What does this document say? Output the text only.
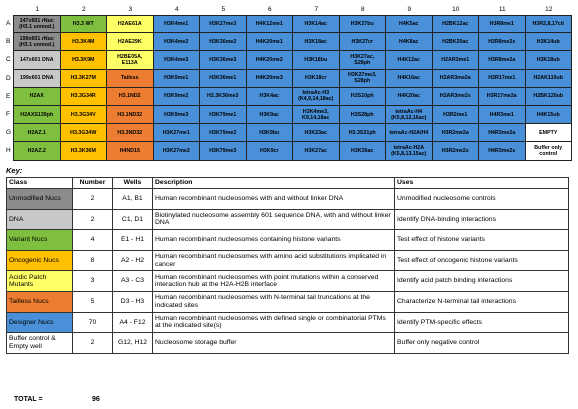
1	2	3	4	5	6	7	8	9	10	11	12
A	147x601 rNuc
(H3.1 unmod.)	H3.3 WT	H2AE61A	H3K4me1	H3K27me3	H4K12me1	H3K14ac	H3K27bu	H4K5ac	H2BK12ac	H3R8me1	H3R2,8,17cit
B	199x601 rNuc
(H3.1 unmod.)	H3.3K4M	H2AE29K	H3K4me2	H3K36me2	H4K20me1	H3K18ac	H3K27cr	H4K8ac	H2BK20ac	H3R8me2s	H3K14ub
C	147x601 DNA	H3.3K9M	H2BE05A,
E113A	H3K4me3	H3K36me3	H4K20me2	H3K18bu	H3K27ac,
S28ph	H4K12ac	H2AR3me1	H3R8me2a	H3K18ub
D	199x601 DNA	H3.3K27M	Tailess	H3K9me1	H3K36me1	H4K20me3	H3K18cr	H3K27me3,
S28ph	H4K16ac	H2AR3me2a	H3R17me1	H2AK119ub
E	H2AX	H3.3G34R	H3.1ND2	H3K9me2	H3.3K36me3	H3K4ac	tetraAc-H3
(K4,9,14,18ac)	H3S10ph	H4K20ac	H2AR3me2s	H3R17me2a	H2BK120ub
F	H2AXS139ph	H3.3G34V	H3.1ND32	H3K9me3	H3K79me1	H3K9ac	H3K4me3,
K9,14,18ac	H3S28ph	tetraAc-H4
(K5,8,12,16ac)	H3R2me1	H4R3me1	H4K15ub
G	H2AZ.1	H3.3G34W	H3.3ND32	H3K27me1	H3K79me2	H3K9bu	H3K23ac	H3.3S31ph	tetraAc-H2A/H4	H3R2me2a	H4R3me2a	EMPTY
H	H2AZ.2	H3.3K36M	H4ND15	H3K27me2	H3K79me3	H3K9cr	H3K27ac	H3K36ac	tetraAc-H2A
(K5,8,13,15ac)	H3R2me2s	H4R3me2s	Buffer only
control
Key:
Class	Number	Wells	Description	Uses
Unmodified Nucs	2	A1, B1	Human recombinant nucleosomes with and without linker DNA	Unmodified nucleosome controls
DNA	2	C1, D1	Biotinylated nucleosome assembly 601 sequence DNA, with and without linker DNA	Identify DNA-binding interactions
Variant Nucs	4	E1 - H1	Human recombinant nucleosomes containing histone variants	Test effect of histone variants
Oncogenic Nucs	8	A2 - H2	Human recombinant nucleosomes with amino acid substitutions implicated in cancer	Test effect of oncogenic histone variants
Acidic Patch Mutants	3	A3 - C3	Human recombinant nucleosomes with point mutations within a conserved interaction hub at the H2A-H2B interface	Identify acid patch binding interactions
Tailless Nucs	5	D3 - H3	Human recombinant nucleosomes with N-terminal tail truncations at the indicated sites	Characterize N-terminal tail interactions
Designer Nucs	70	A4 - F12	Human recombinant nucleosomes with defined single or combinatorial PTMs at the indicated site(s)	Identify PTM-specific effects
Buffer control & Empty well	2	G12, H12	Nucleosome storage buffer	Buffer only negative control
TOTAL =	96
